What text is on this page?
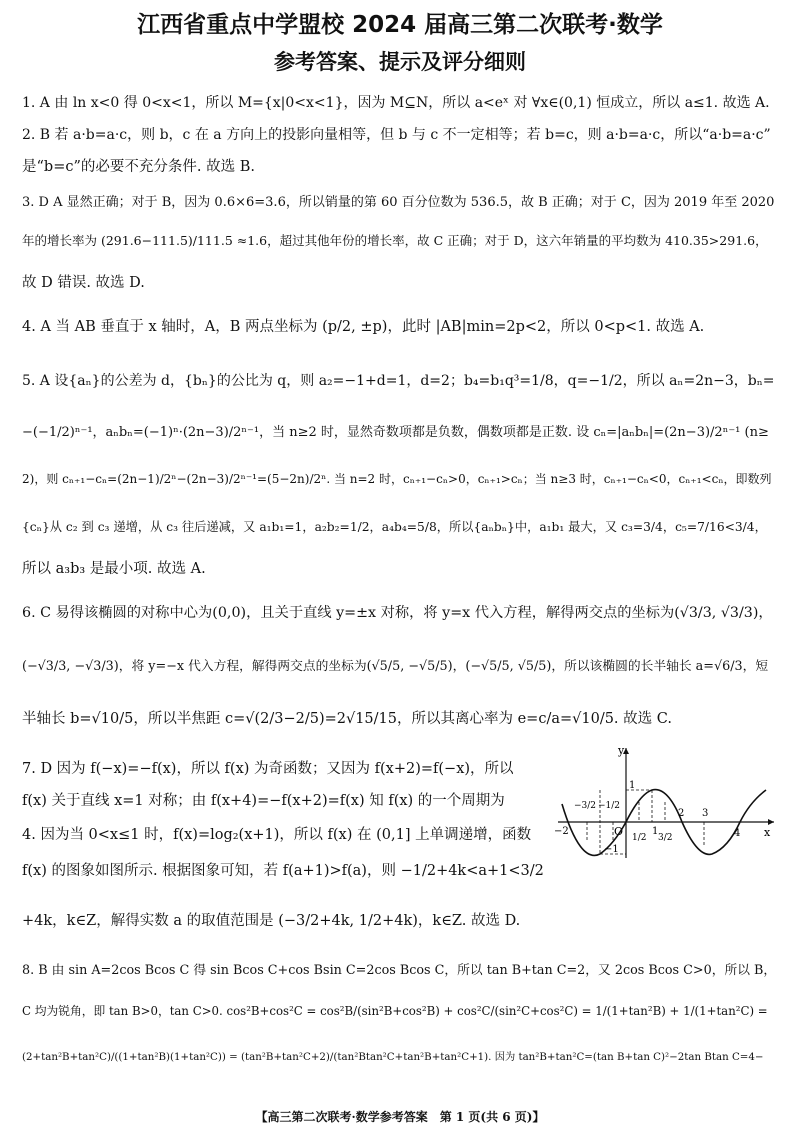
江西省重点中学盟校 2024 届高三第二次联考·数学
参考答案、提示及评分细则
1. A 由 ln x<0 得 0<x<1，所以 M={x|0<x<1}，因为 M⊆N，所以 a<eˣ 对 ∀x∈(0,1) 恒成立，所以 a≤1. 故选 A.
2. B 若 a·b=a·c，则 b，c 在 a 方向上的投影向量相等，但 b 与 c 不一定相等；若 b=c，则 a·b=a·c，所以“a·b=a·c”
是“b=c”的必要不充分条件. 故选 B.
3. D A 显然正确；对于 B，因为 0.6×6=3.6，所以销量的第 60 百分位数为 536.5，故 B 正确；对于 C，因为 2019 年至 2020
年的增长率为 (291.6−111.5)/111.5 ≈1.6，超过其他年份的增长率，故 C 正确；对于 D，这六年销量的平均数为 410.35>291.6，
故 D 错误. 故选 D.
4. A 当 AB 垂直于 x 轴时，A，B 两点坐标为 (p/2, ±p)，此时 |AB|min=2p<2，所以 0<p<1. 故选 A.
5. A 设{aₙ}的公差为 d，{bₙ}的公比为 q，则 a₂=−1+d=1，d=2；b₄=b₁q³=1/8，q=−1/2，所以 aₙ=2n−3，bₙ=
−(−1/2)ⁿ⁻¹，aₙbₙ=(−1)ⁿ·(2n−3)/2ⁿ⁻¹，当 n≥2 时，显然奇数项都是负数，偶数项都是正数. 设 cₙ=|aₙbₙ|=(2n−3)/2ⁿ⁻¹ (n≥
2)，则 cₙ₊₁−cₙ=(2n−1)/2ⁿ−(2n−3)/2ⁿ⁻¹=(5−2n)/2ⁿ. 当 n=2 时，cₙ₊₁−cₙ>0，cₙ₊₁>cₙ；当 n≥3 时，cₙ₊₁−cₙ<0，cₙ₊₁<cₙ，即数列
{cₙ}从 c₂ 到 c₃ 递增，从 c₃ 往后递减，又 a₁b₁=1，a₂b₂=1/2，a₄b₄=5/8，所以{aₙbₙ}中，a₁b₁ 最大，又 c₃=3/4，c₅=7/16<3/4，
所以 a₃b₃ 是最小项. 故选 A.
6. C 易得该椭圆的对称中心为(0,0)，且关于直线 y=±x 对称，将 y=x 代入方程，解得两交点的坐标为(√3/3, √3/3)，
(−√3/3, −√3/3)，将 y=−x 代入方程，解得两交点的坐标为(√5/5, −√5/5)，(−√5/5, √5/5)，所以该椭圆的长半轴长 a=√6/3，短
半轴长 b=√10/5，所以半焦距 c=√(2/3−2/5)=2√15/15，所以其离心率为 e=c/a=√10/5. 故选 C.
7. D 因为 f(−x)=−f(x)，所以 f(x) 为奇函数；又因为 f(x+2)=f(−x)，所以
f(x) 关于直线 x=1 对称；由 f(x+4)=−f(x+2)=f(x) 知 f(x) 的一个周期为
4. 因为当 0<x≤1 时，f(x)=log₂(x+1)，所以 f(x) 在 (0,1] 上单调递增，函数
f(x) 的图象如图所示. 根据图象可知，若 f(a+1)>f(a)，则 −1/2+4k<a+1<3/2
+4k，k∈Z，解得实数 a 的取值范围是 (−3/2+4k, 1/2+4k)，k∈Z. 故选 D.
y
x
O
−2
−3/2 −1/2
1/2
1
3/2
2 3
4
1
−1
8. B 由 sin A=2cos Bcos C 得 sin Bcos C+cos Bsin C=2cos Bcos C，所以 tan B+tan C=2，又 2cos Bcos C>0，所以 B，
C 均为锐角，即 tan B>0，tan C>0. cos²B+cos²C = cos²B/(sin²B+cos²B) + cos²C/(sin²C+cos²C) = 1/(1+tan²B) + 1/(1+tan²C) =
(2+tan²B+tan²C)/((1+tan²B)(1+tan²C)) = (tan²B+tan²C+2)/(tan²Btan²C+tan²B+tan²C+1). 因为 tan²B+tan²C=(tan B+tan C)²−2tan Btan C=4−
【高三第二次联考·数学参考答案　第 1 页(共 6 页)】
